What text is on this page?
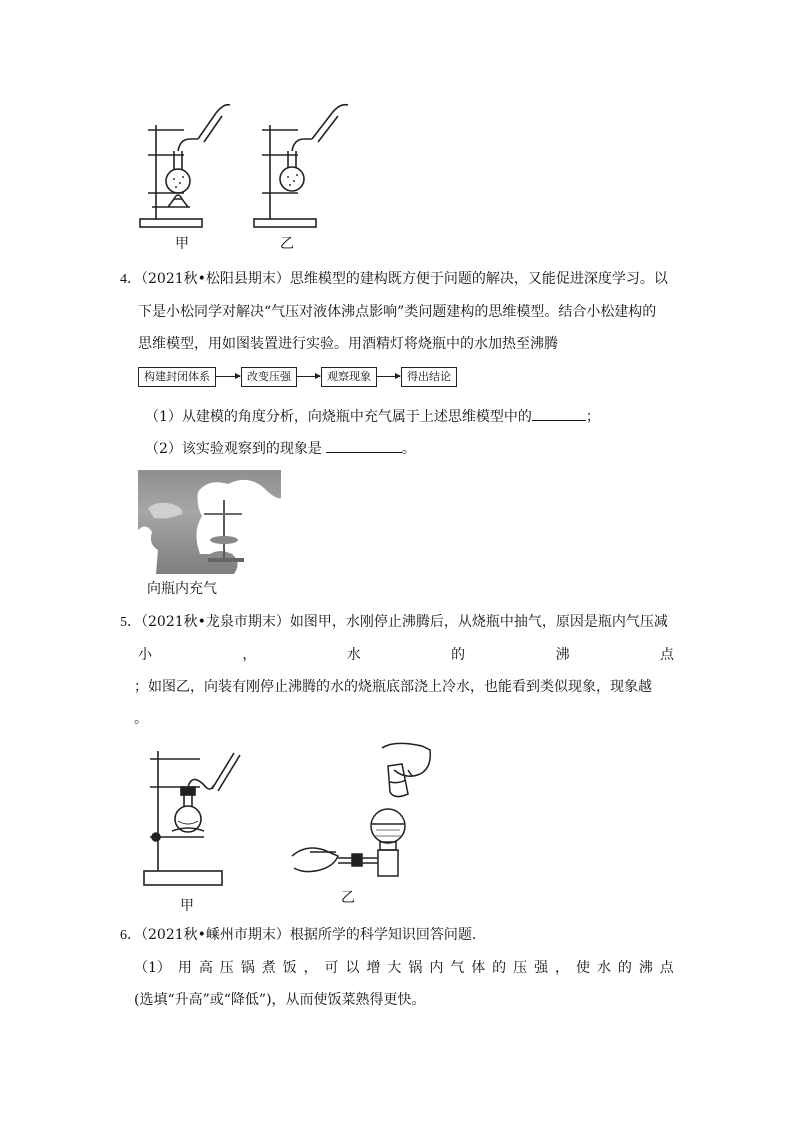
甲	乙
4．（2021秋•松阳县期末）思维模型的建构既方便于问题的解决，又能促进深度学习。以
下是小松同学对解决“气压对液体沸点影响”类问题建构的思维模型。结合小松建构的
思维模型，用如图装置进行实验。用酒精灯将烧瓶中的水加热至沸腾
构建封闭体系	改变压强	观察现象	得出结论
（1）从建模的角度分析，向烧瓶中充气属于上述思维模型中的	；
（2）该实验观察到的现象是	。
向瓶内充气
5．（2021秋•龙泉市期末）如图甲，水刚停止沸腾后，从烧瓶中抽气，原因是瓶内气压减
小	，	水	的	沸	点
；如图乙，向装有刚停止沸腾的水的烧瓶底部浇上冷水，也能看到类似现象，现象越
。
甲	乙
6．（2021秋•嵊州市期末）根据所学的科学知识回答问题.
（1） 用 高 压 锅 煮 饭 ， 可 以 增 大 锅 内 气 体 的 压 强 ， 使 水 的 沸 点
(选填“升高”或“降低”)，从而使饭菜熟得更快。
